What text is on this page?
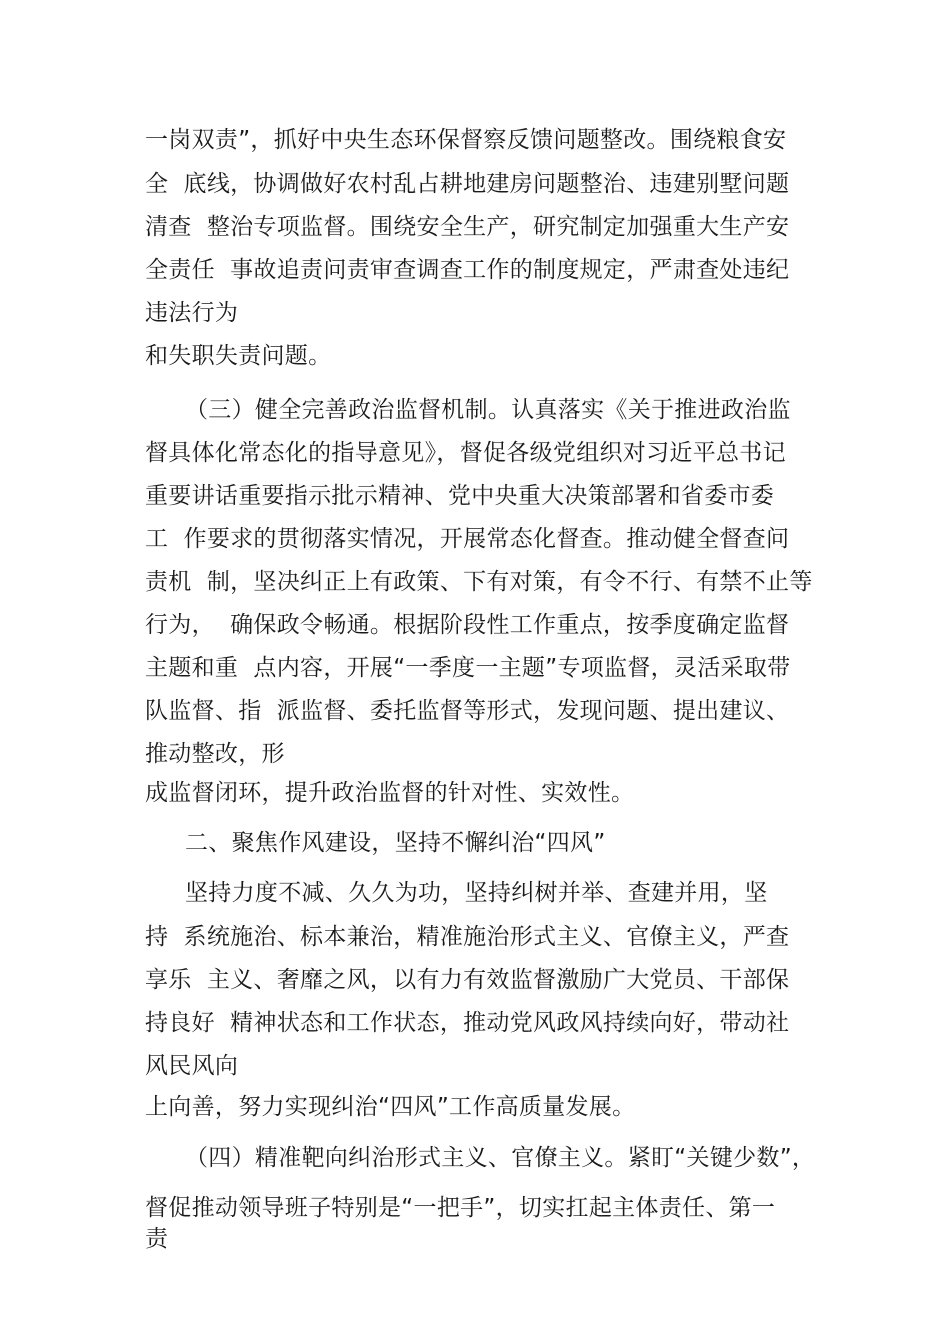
一岗双责”，抓好中央生态环保督察反馈问题整改。围绕粮食安
全  底线，协调做好农村乱占耕地建房问题整治、违建别墅问题
清查  整治专项监督。围绕安全生产，研究制定加强重大生产安
全责任  事故追责问责审查调查工作的制度规定，严肃查处违纪
违法行为
和失职失责问题。
（三）健全完善政治监督机制。认真落实《关于推进政治监
督具体化常态化的指导意见》，督促各级党组织对习近平总书记
重要讲话重要指示批示精神、党中央重大决策部署和省委市委
工  作要求的贯彻落实情况，开展常态化督查。推动健全督查问
责机  制，坚决纠正上有政策、下有对策，有令不行、有禁不止等
行为，  确保政令畅通。根据阶段性工作重点，按季度确定监督
主题和重  点内容，开展“一季度一主题”专项监督，灵活采取带
队监督、指  派监督、委托监督等形式，发现问题、提出建议、
推动整改，形
成监督闭环，提升政治监督的针对性、实效性。
二、聚焦作风建设，坚持不懈纠治“四风”
坚持力度不减、久久为功，坚持纠树并举、查建并用，坚
持  系统施治、标本兼治，精准施治形式主义、官僚主义，严查
享乐  主义、奢靡之风，以有力有效监督激励广大党员、干部保
持良好  精神状态和工作状态，推动党风政风持续向好，带动社
风民风向
上向善，努力实现纠治“四风”工作高质量发展。
（四）精准靶向纠治形式主义、官僚主义。紧盯“关键少数”，
督促推动领导班子特别是“一把手”，切实扛起主体责任、第一
责
